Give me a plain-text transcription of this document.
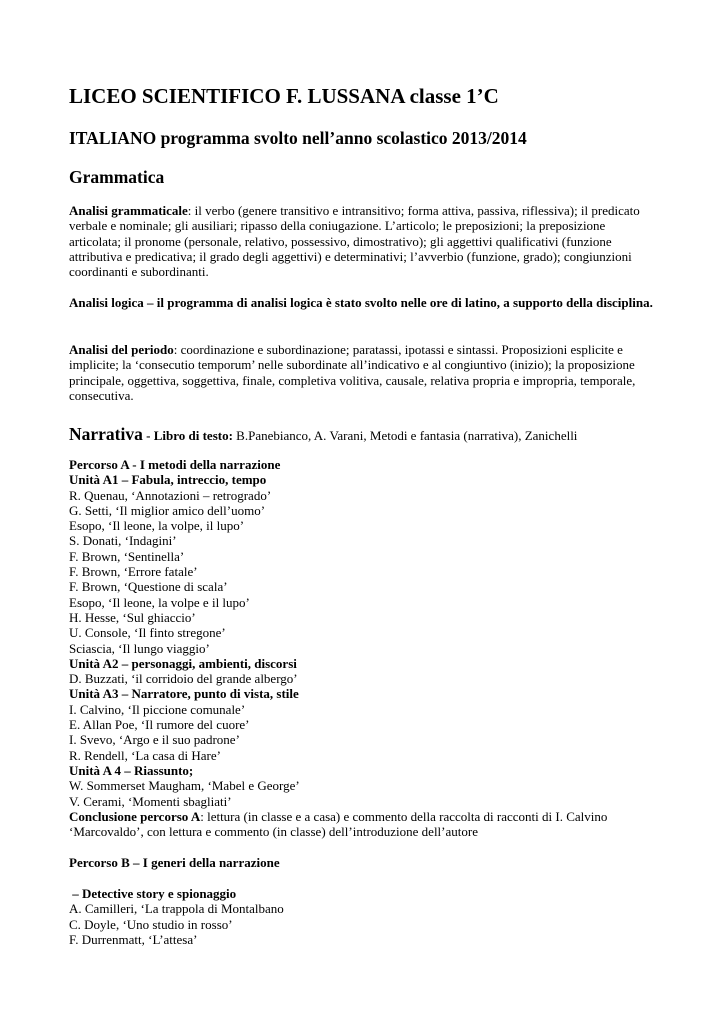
LICEO SCIENTIFICO F. LUSSANA classe 1’C
ITALIANO programma svolto nell’anno scolastico 2013/2014
Grammatica

Analisi grammaticale: il verbo (genere transitivo e intransitivo; forma attiva, passiva, riflessiva); il predicato verbale e nominale; gli ausiliari; ripasso della coniugazione. L’articolo; le preposizioni; la preposizione articolata; il pronome (personale, relativo, possessivo, dimostrativo); gli aggettivi qualificativi (funzione attributiva e predicativa; il grado degli aggettivi) e determinativi; l’avverbio (funzione, grado); congiunzioni coordinanti e subordinanti.

Analisi logica – il programma di analisi logica è stato svolto nelle ore di latino, a supporto della disciplina.

Analisi del periodo: coordinazione e subordinazione; paratassi, ipotassi e sintassi. Proposizioni esplicite e implicite; la ‘consecutio temporum’ nelle subordinate all’indicativo e al congiuntivo (inizio); la proposizione principale, oggettiva, soggettiva, finale, completiva volitiva, causale, relativa propria e impropria, temporale, consecutiva.

Narrativa - Libro di testo: B.Panebianco, A. Varani, Metodi e fantasia (narrativa), Zanichelli
Percorso A - I metodi della narrazione
Unità A1 – Fabula, intreccio, tempo
R. Quenau, ‘Annotazioni – retrogrado’
G. Setti, ‘Il miglior amico dell’uomo’
Esopo, ‘Il leone, la volpe, il lupo’
S. Donati, ‘Indagini’
F. Brown, ‘Sentinella’
F. Brown, ‘Errore fatale’
F. Brown, ‘Questione di scala’
Esopo, ‘Il leone, la volpe e il lupo’
H. Hesse, ‘Sul ghiaccio’
U. Console, ‘Il finto stregone’
Sciascia, ‘Il lungo viaggio’
Unità A2 – personaggi, ambienti, discorsi
D. Buzzati, ‘il corridoio del grande albergo’
Unità A3 – Narratore, punto di vista, stile
I. Calvino, ‘Il piccione comunale’
E. Allan Poe, ‘Il rumore del cuore’
I. Svevo, ‘Argo e il suo padrone’
R. Rendell, ‘La casa di Hare’
Unità A 4 – Riassunto;
W. Sommerset Maugham, ‘Mabel e George’
V. Cerami, ‘Momenti sbagliati’
Conclusione percorso A: lettura (in classe e a casa) e commento della raccolta di racconti di I. Calvino ‘Marcovaldo’, con lettura e commento (in classe) dell’introduzione dell’autore
Percorso B – I generi della narrazione
– Detective story e spionaggio
A. Camilleri, ‘La trappola di Montalbano
C. Doyle, ‘Uno studio in rosso’
F. Durrenmatt, ‘L’attesa’
